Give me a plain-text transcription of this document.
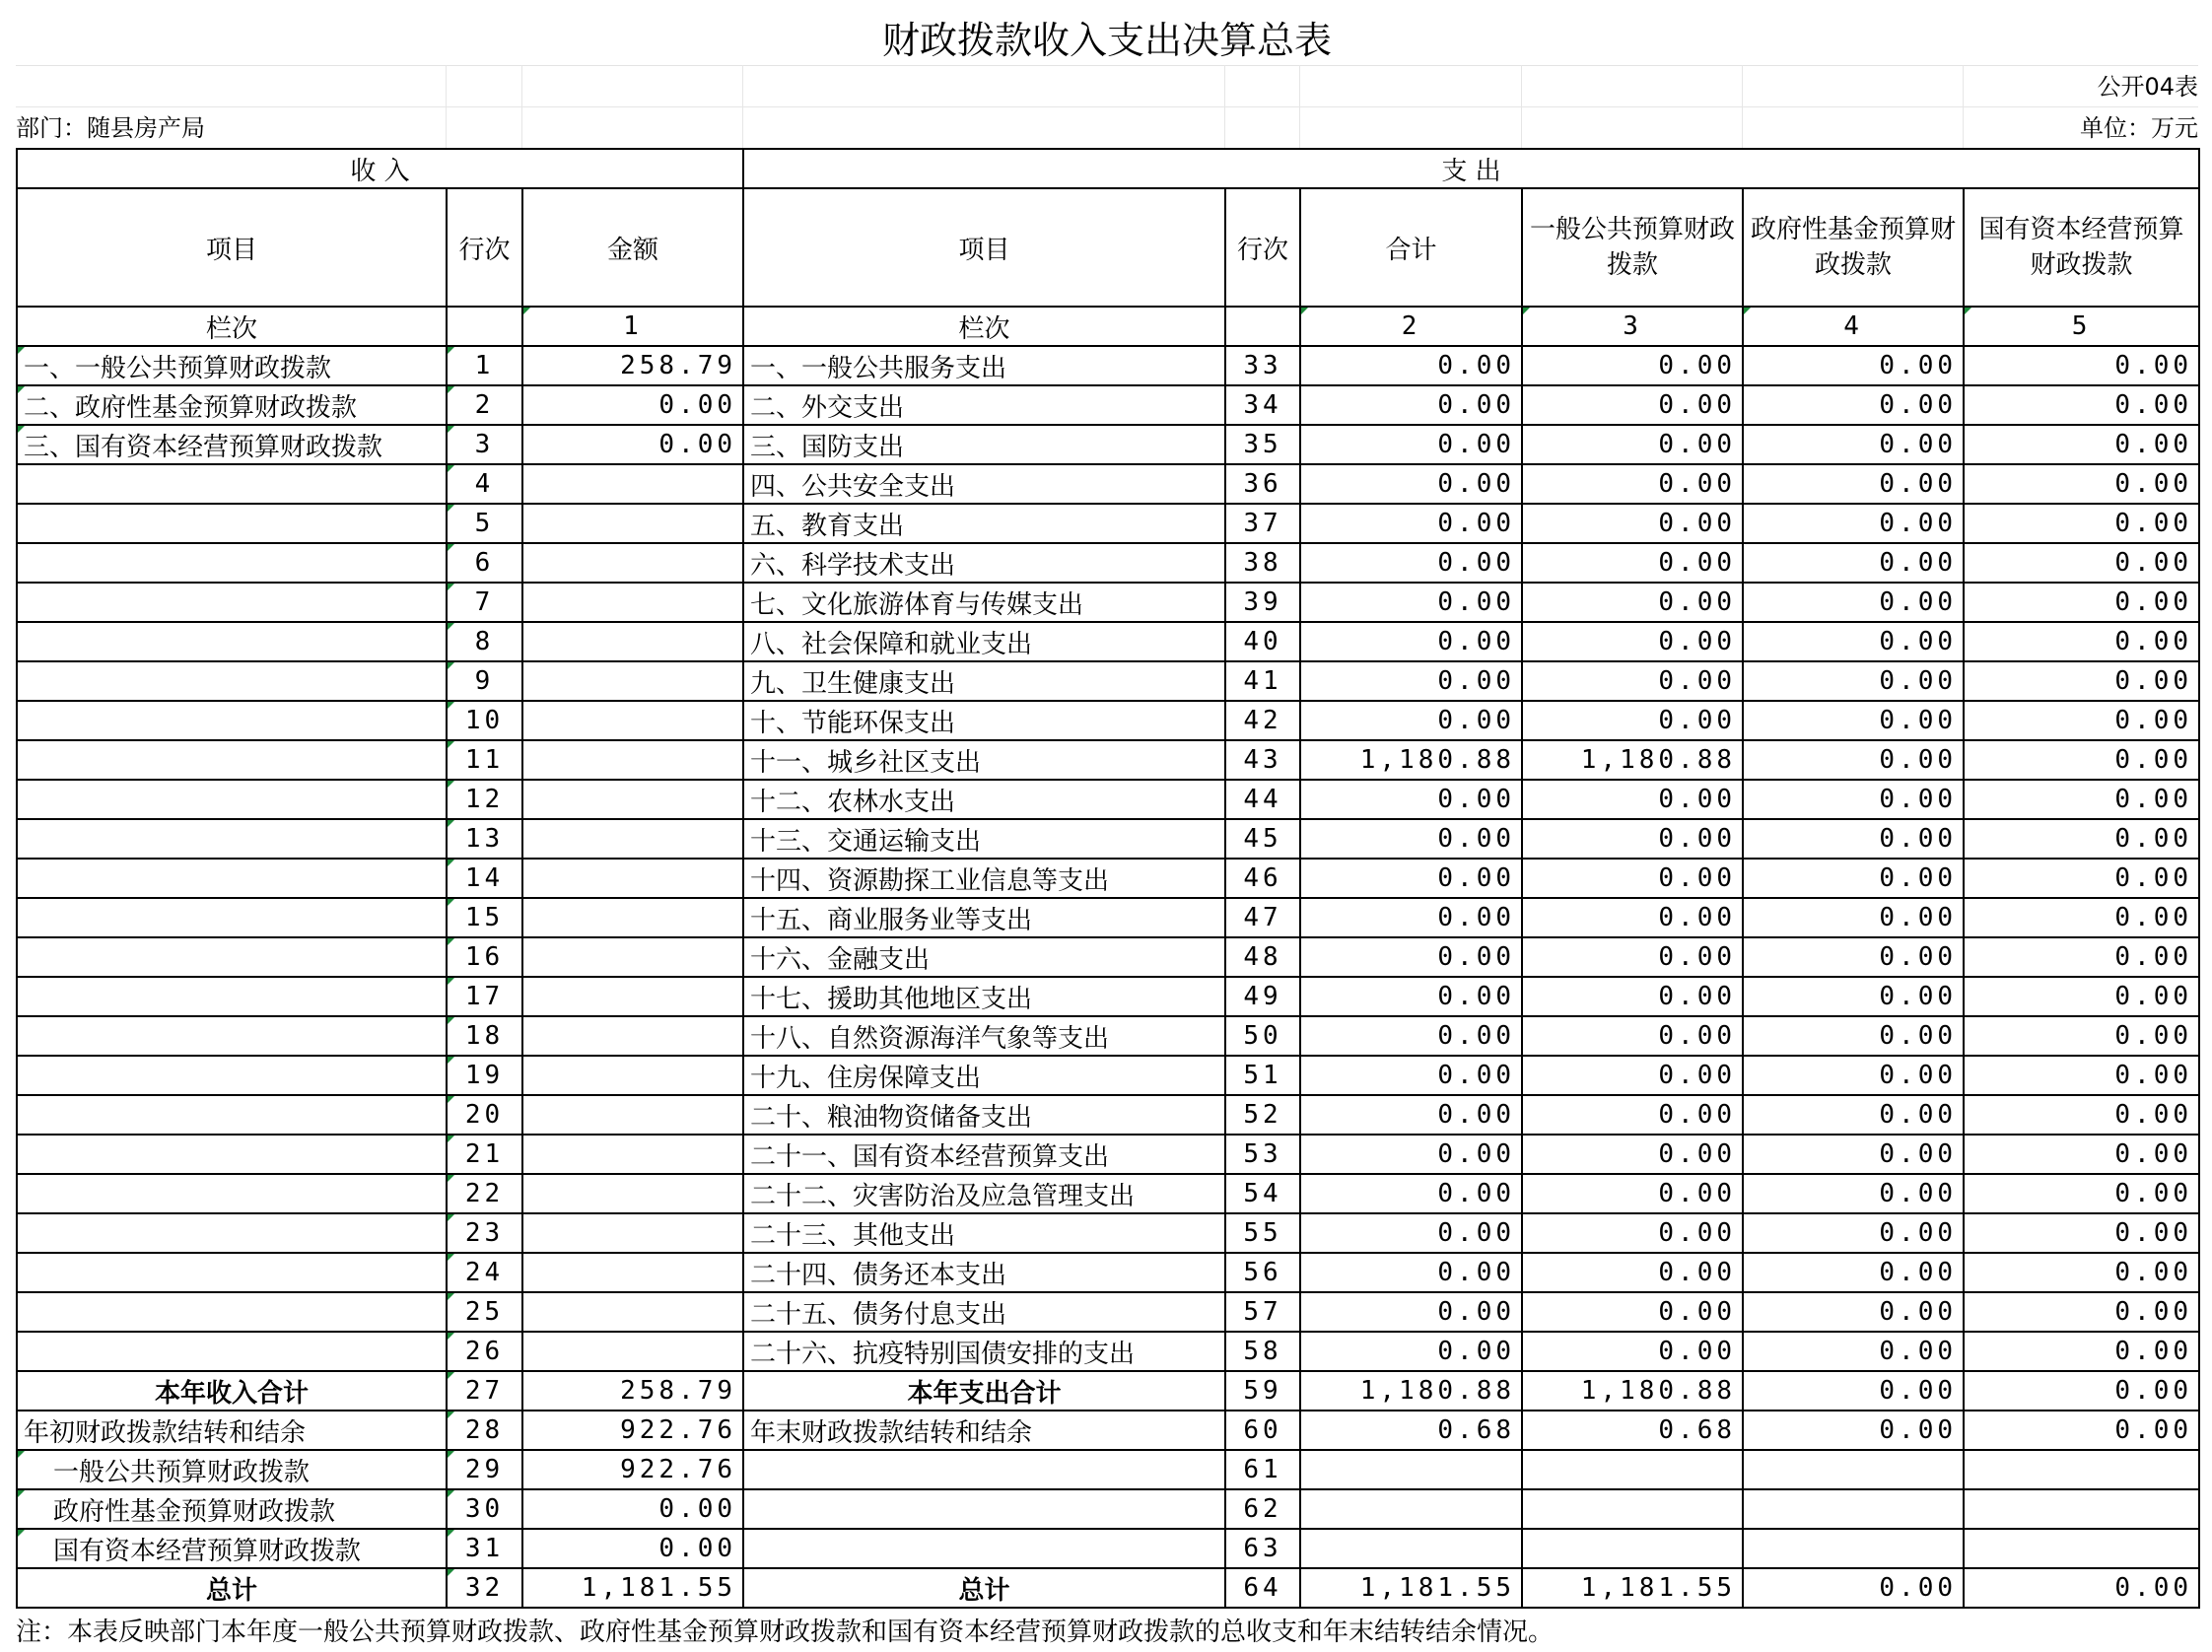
财政拨款收入支出决算总表
公开04表
部门：随县房产局	单位：万元
收 入			支 出					
项目	行次	金额	项目	行次	合计	一般公共预算财政拨款	政府性基金预算财政拨款	国有资本经营预算财政拨款
栏次		1	栏次		2	3	4	5
一、一般公共预算财政拨款	1	258.79	一、一般公共服务支出	33	0.00	0.00	0.00	0.00
二、政府性基金预算财政拨款	2	0.00	二、外交支出	34	0.00	0.00	0.00	0.00
三、国有资本经营预算财政拨款	3	0.00	三、国防支出	35	0.00	0.00	0.00	0.00
	4		四、公共安全支出	36	0.00	0.00	0.00	0.00
	5		五、教育支出	37	0.00	0.00	0.00	0.00
	6		六、科学技术支出	38	0.00	0.00	0.00	0.00
	7		七、文化旅游体育与传媒支出	39	0.00	0.00	0.00	0.00
	8		八、社会保障和就业支出	40	0.00	0.00	0.00	0.00
	9		九、卫生健康支出	41	0.00	0.00	0.00	0.00
	10		十、节能环保支出	42	0.00	0.00	0.00	0.00
	11		十一、城乡社区支出	43	1,180.88	1,180.88	0.00	0.00
	12		十二、农林水支出	44	0.00	0.00	0.00	0.00
	13		十三、交通运输支出	45	0.00	0.00	0.00	0.00
	14		十四、资源勘探工业信息等支出	46	0.00	0.00	0.00	0.00
	15		十五、商业服务业等支出	47	0.00	0.00	0.00	0.00
	16		十六、金融支出	48	0.00	0.00	0.00	0.00
	17		十七、援助其他地区支出	49	0.00	0.00	0.00	0.00
	18		十八、自然资源海洋气象等支出	50	0.00	0.00	0.00	0.00
	19		十九、住房保障支出	51	0.00	0.00	0.00	0.00
	20		二十、粮油物资储备支出	52	0.00	0.00	0.00	0.00
	21		二十一、国有资本经营预算支出	53	0.00	0.00	0.00	0.00
	22		二十二、灾害防治及应急管理支出	54	0.00	0.00	0.00	0.00
	23		二十三、其他支出	55	0.00	0.00	0.00	0.00
	24		二十四、债务还本支出	56	0.00	0.00	0.00	0.00
	25		二十五、债务付息支出	57	0.00	0.00	0.00	0.00
	26		二十六、抗疫特别国债安排的支出	58	0.00	0.00	0.00	0.00
本年收入合计	27	258.79	本年支出合计	59	1,180.88	1,180.88	0.00	0.00
年初财政拨款结转和结余	28	922.76	年末财政拨款结转和结余	60	0.68	0.68	0.00	0.00
一般公共预算财政拨款	29	922.76		61				
政府性基金预算财政拨款	30	0.00		62				
国有资本经营预算财政拨款	31	0.00		63				
总计	32	1,181.55	总计	64	1,181.55	1,181.55	0.00	0.00
注：本表反映部门本年度一般公共预算财政拨款、政府性基金预算财政拨款和国有资本经营预算财政拨款的总收支和年末结转结余情况。
